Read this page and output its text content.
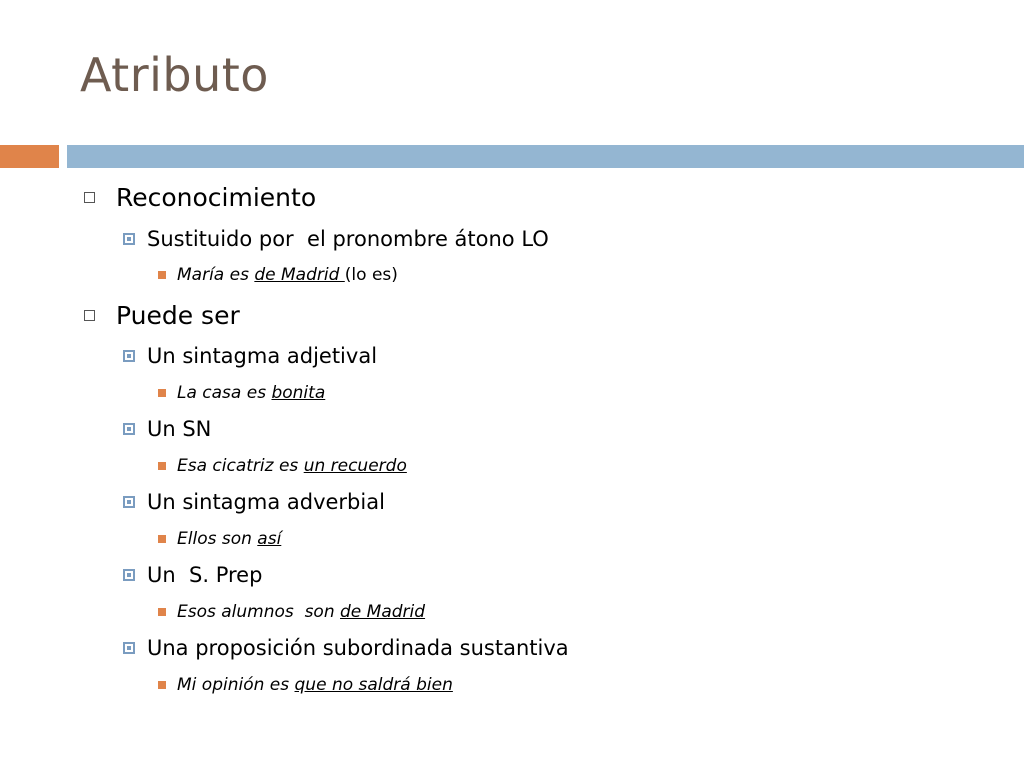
Atributo
Reconocimiento
Sustituido por  el pronombre átono LO
María es de Madrid (lo es)
Puede ser
Un sintagma adjetival
La casa es bonita
Un SN
Esa cicatriz es un recuerdo
Un sintagma adverbial
Ellos son así
Un  S. Prep
Esos alumnos  son de Madrid
Una proposición subordinada sustantiva
Mi opinión es que no saldrá bien
